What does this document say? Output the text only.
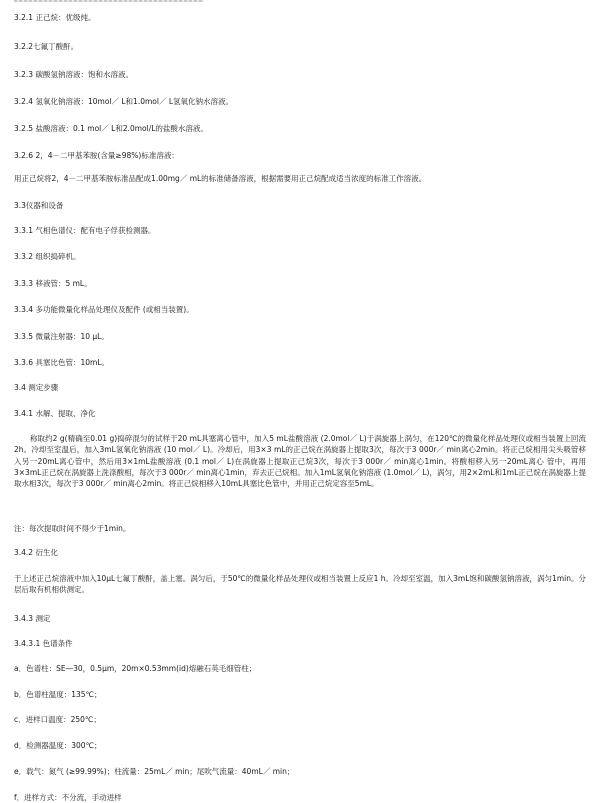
3.2.1 正己烷：优级纯。
3.2.2七氟丁酸酐。
3.2.3 碳酸氢钠溶液：饱和水溶液。
3.2.4 氢氧化钠溶液：10mol／ L和1.0mol／ L氢氧化钠水溶液。
3.2.5 盐酸溶液：0.1 mol／ L和2.0mol/L的盐酸水溶液。
3.2.6 2，4－二甲基苯胺(含量≥98%)标准溶液：
用正己烷将2，4－二甲基苯胺标准品配成1.00mg／ mL的标准储备溶液，根据需要用正己烷配成适当浓度的标准工作溶液。
3.3仪器和设备
3.3.1 气相色谱仪：配有电子俘获检测器。
3.3.2 组织捣碎机。
3.3.3 移液管：5 mL。
3.3.4 多功能微量化样品处理仪及配件 (或相当装置)。
3.3.5 微量注射器：10 μL。
3.3.6 具塞比色管：10mL。
3.4 测定步骤
3.4.1 水解、提取、净化
称取约2 g(精确至0.01 g)捣碎混匀的试样于20 mL具塞离心管中，加入5 mL盐酸溶液 (2.0mol／ L)于涡旋器上涡匀，在120℃的微量化样品处理仪或相当装置上回流2h。冷却至室温后，加入3mL氢氧化钠溶液 (10 mol／ L)。冷却后，用3×3 mL的正己烷在涡旋器上提取3次，每次于3 000r／ min离心2min。将正己烷相用尖头吸管移入另一20mL离心管中，然后用3×1mL盐酸溶液 (0.1 mol／ L)在涡旋器上提取正己烷3次，每次于3 000r／ min离心1min。将酸相移入另一20mL离心 管中，再用3×3mL正己烷在涡旋器上洗涤酸相，每次于3 000r／ min离心1min，弃去正己烷相。加入1mL氢氧化钠溶液 (1.0mol／ L)，涡匀，用2×2mL和1mL正己烷在涡旋器上提取水相3次，每次于3 000r／ min离心2min。将正己烷相移入10mL具塞比色管中，并用正己烷定容至5mL。
注：每次提取时间不得少于1min。
3.4.2 衍生化
于上述正己烷溶液中加入10μL七氟丁酸酐，盖上塞。涡匀后，于50℃的微量化样品处理仪或相当装置上反应1 h。冷却至室温，加入3mL饱和碳酸氢钠溶液，涡匀1min。分层后取有机相供测定。
3.4.3 测定
3.4.3.1 色谱条件
a．色谱柱：SE―30，0.5μm，20m×0.53mm(id)熔融石英毛细管柱；
b．色谱柱温度：135℃；
c．进样口温度：250℃；
d．检测器温度：300℃；
e．载气：氮气 (≥99.99%)；柱流量：25mL／ min；尾吹气流量：40mL／ min；
f．进样方式：不分流，手动进样
